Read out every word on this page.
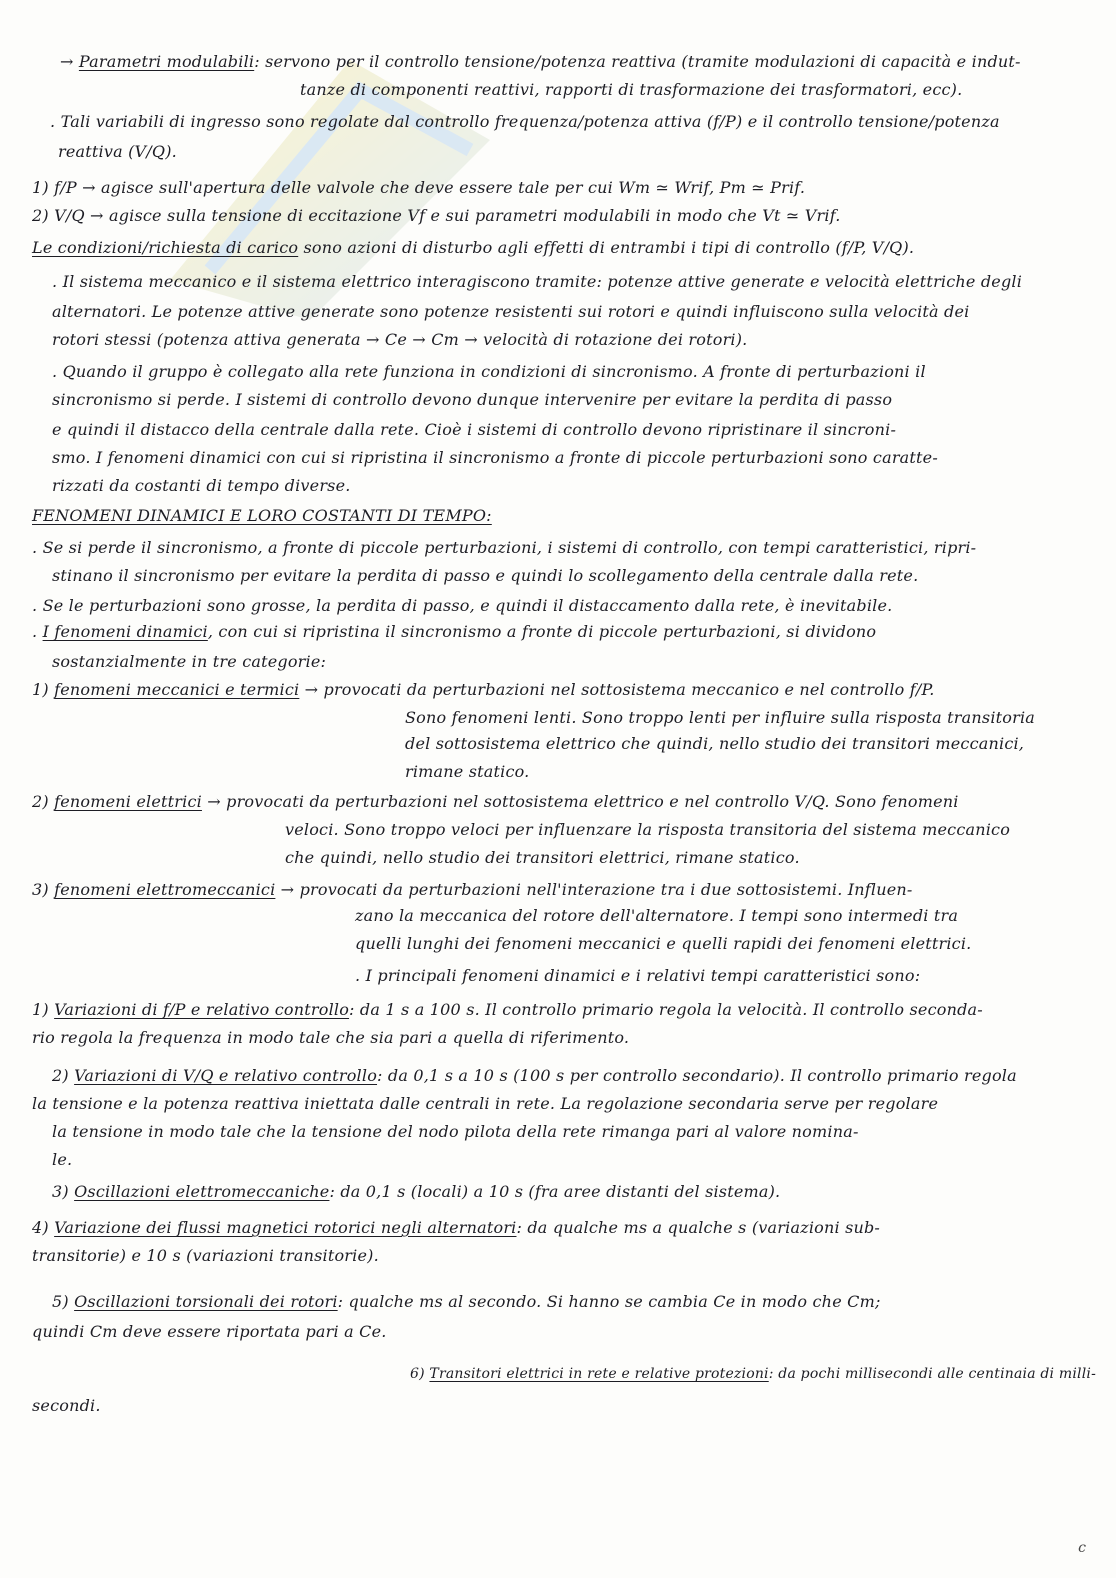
→ Parametri modulabili: servono per il controllo tensione/potenza reattiva (tramite modulazioni di capacità e indut-
tanze di componenti reattivi, rapporti di trasformazione dei trasformatori, ecc).
. Tali variabili di ingresso sono regolate dal controllo frequenza/potenza attiva (f/P) e il controllo tensione/potenza
reattiva (V/Q).
1) f/P → agisce sull'apertura delle valvole che deve essere tale per cui Wm ≃ Wrif, Pm ≃ Prif.
2) V/Q → agisce sulla tensione di eccitazione Vf e sui parametri modulabili in modo che Vt ≃ Vrif.
Le condizioni/richiesta di carico sono azioni di disturbo agli effetti di entrambi i tipi di controllo (f/P, V/Q).
. Il sistema meccanico e il sistema elettrico interagiscono tramite: potenze attive generate e velocità elettriche degli
alternatori. Le potenze attive generate sono potenze resistenti sui rotori e quindi influiscono sulla velocità dei
rotori stessi (potenza attiva generata → Ce → Cm → velocità di rotazione dei rotori).
. Quando il gruppo è collegato alla rete funziona in condizioni di sincronismo. A fronte di perturbazioni il
sincronismo si perde. I sistemi di controllo devono dunque intervenire per evitare la perdita di passo
e quindi il distacco della centrale dalla rete. Cioè i sistemi di controllo devono ripristinare il sincroni-
smo. I fenomeni dinamici con cui si ripristina il sincronismo a fronte di piccole perturbazioni sono caratte-
rizzati da costanti di tempo diverse.
FENOMENI DINAMICI E LORO COSTANTI DI TEMPO:
. Se si perde il sincronismo, a fronte di piccole perturbazioni, i sistemi di controllo, con tempi caratteristici, ripri-
stinano il sincronismo per evitare la perdita di passo e quindi lo scollegamento della centrale dalla rete.
. Se le perturbazioni sono grosse, la perdita di passo, e quindi il distaccamento dalla rete, è inevitabile.
. I fenomeni dinamici, con cui si ripristina il sincronismo a fronte di piccole perturbazioni, si dividono
sostanzialmente in tre categorie:
1) fenomeni meccanici e termici → provocati da perturbazioni nel sottosistema meccanico e nel controllo f/P.
Sono fenomeni lenti. Sono troppo lenti per influire sulla risposta transitoria
del sottosistema elettrico che quindi, nello studio dei transitori meccanici,
rimane statico.
2) fenomeni elettrici → provocati da perturbazioni nel sottosistema elettrico e nel controllo V/Q. Sono fenomeni
veloci. Sono troppo veloci per influenzare la risposta transitoria del sistema meccanico
che quindi, nello studio dei transitori elettrici, rimane statico.
3) fenomeni elettromeccanici → provocati da perturbazioni nell'interazione tra i due sottosistemi. Influen-
zano la meccanica del rotore dell'alternatore. I tempi sono intermedi tra
quelli lunghi dei fenomeni meccanici e quelli rapidi dei fenomeni elettrici.
. I principali fenomeni dinamici e i relativi tempi caratteristici sono:
1) Variazioni di f/P e relativo controllo: da 1 s a 100 s. Il controllo primario regola la velocità. Il controllo seconda-
rio regola la frequenza in modo tale che sia pari a quella di riferimento.
2) Variazioni di V/Q e relativo controllo: da 0,1 s a 10 s (100 s per controllo secondario). Il controllo primario regola
la tensione e la potenza reattiva iniettata dalle centrali in rete. La regolazione secondaria serve per regolare
la tensione in modo tale che la tensione del nodo pilota della rete rimanga pari al valore nomina-
le.
3) Oscillazioni elettromeccaniche: da 0,1 s (locali) a 10 s (fra aree distanti del sistema).
4) Variazione dei flussi magnetici rotorici negli alternatori: da qualche ms a qualche s (variazioni sub-
transitorie) e 10 s (variazioni transitorie).
5) Oscillazioni torsionali dei rotori: qualche ms al secondo. Si hanno se cambia Ce in modo che Cm;
quindi Cm deve essere riportata pari a Ce.
6) Transitori elettrici in rete e relative protezioni: da pochi millisecondi alle centinaia di milli-
secondi.
c
